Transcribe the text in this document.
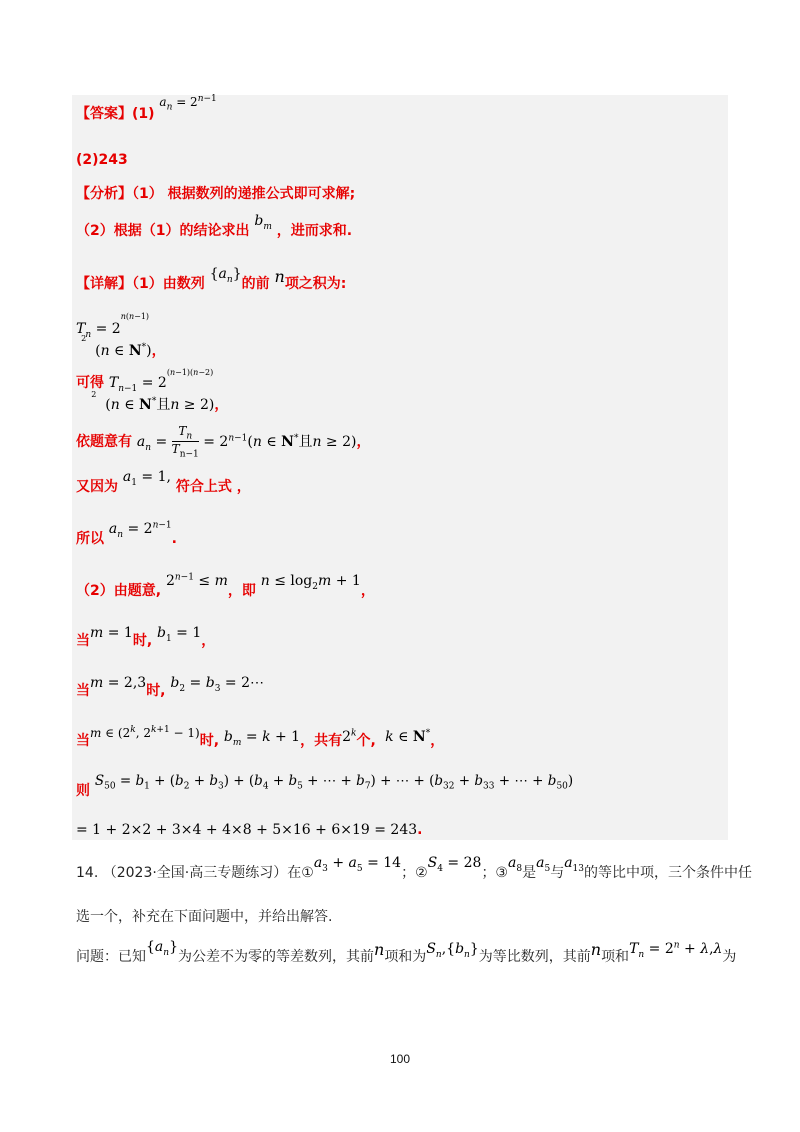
【答案】(1) $a_n = 2^{n-1}$
(2)243
【分析】（1） 根据数列的递推公式即可求解;
（2）根据（1）的结论求出 $b_m$ ，进而求和.
【详解】（1）由数列 $\{a_n\}$的前 n项之积为:
$T_n = 2^{n(n-1) 2}$  (n ∈ N*)，
可得 $T_{n-1} = 2^{(n-1)(n-2) 2}$  (n ∈ N*且n ≥ 2)，
依题意有 $a_n = \frac{T_n}{T_{n-1}} = 2^{n-1}(n$ ∈ N*且n ≥ 2)，
又因为 $a_1 = 1$, 符合上式 ，
所以 $a_n = 2^{n-1}$.
（2）由题意, $2^{n-1} \le m$，即 $n \le \log_2m + 1$，
当m = 1时, $b_1 = 1$，
当m = 2,3时, $b_2 = b_3$ = 2⋯
当m ∈ (2$^k$, $2^{k+1} - 1$)时, $b_m = k + 1$，共有2$^k$个, k ∈ N*，
则 $S_{50} = b_1 + (b_2 + b_3) + (b_4 + b_5$ + ⋯ + $b_7$) + ⋯ + ($b_{32} + b_{33}$ + ⋯ + $b_{50}$)
= 1 + 2×2 + 3×4 + 4×8 + 5×16 + 6×19 = 243.
14. （2023·全国·高三专题练习）在$①a_3 + a_5 = 14$；$②S_4 = 28$；$③a_8$是$a_5$与$a_{13}$的等比中项，三个条件中任
选一个，补充在下面问题中，并给出解答.
问题：已知$\{a_n\}$为公差不为零的等差数列，其前n项和为$S_n,\{b_n\}$为等比数列，其前n项和$T_n = 2^n + \lambda,\lambda$为
100
